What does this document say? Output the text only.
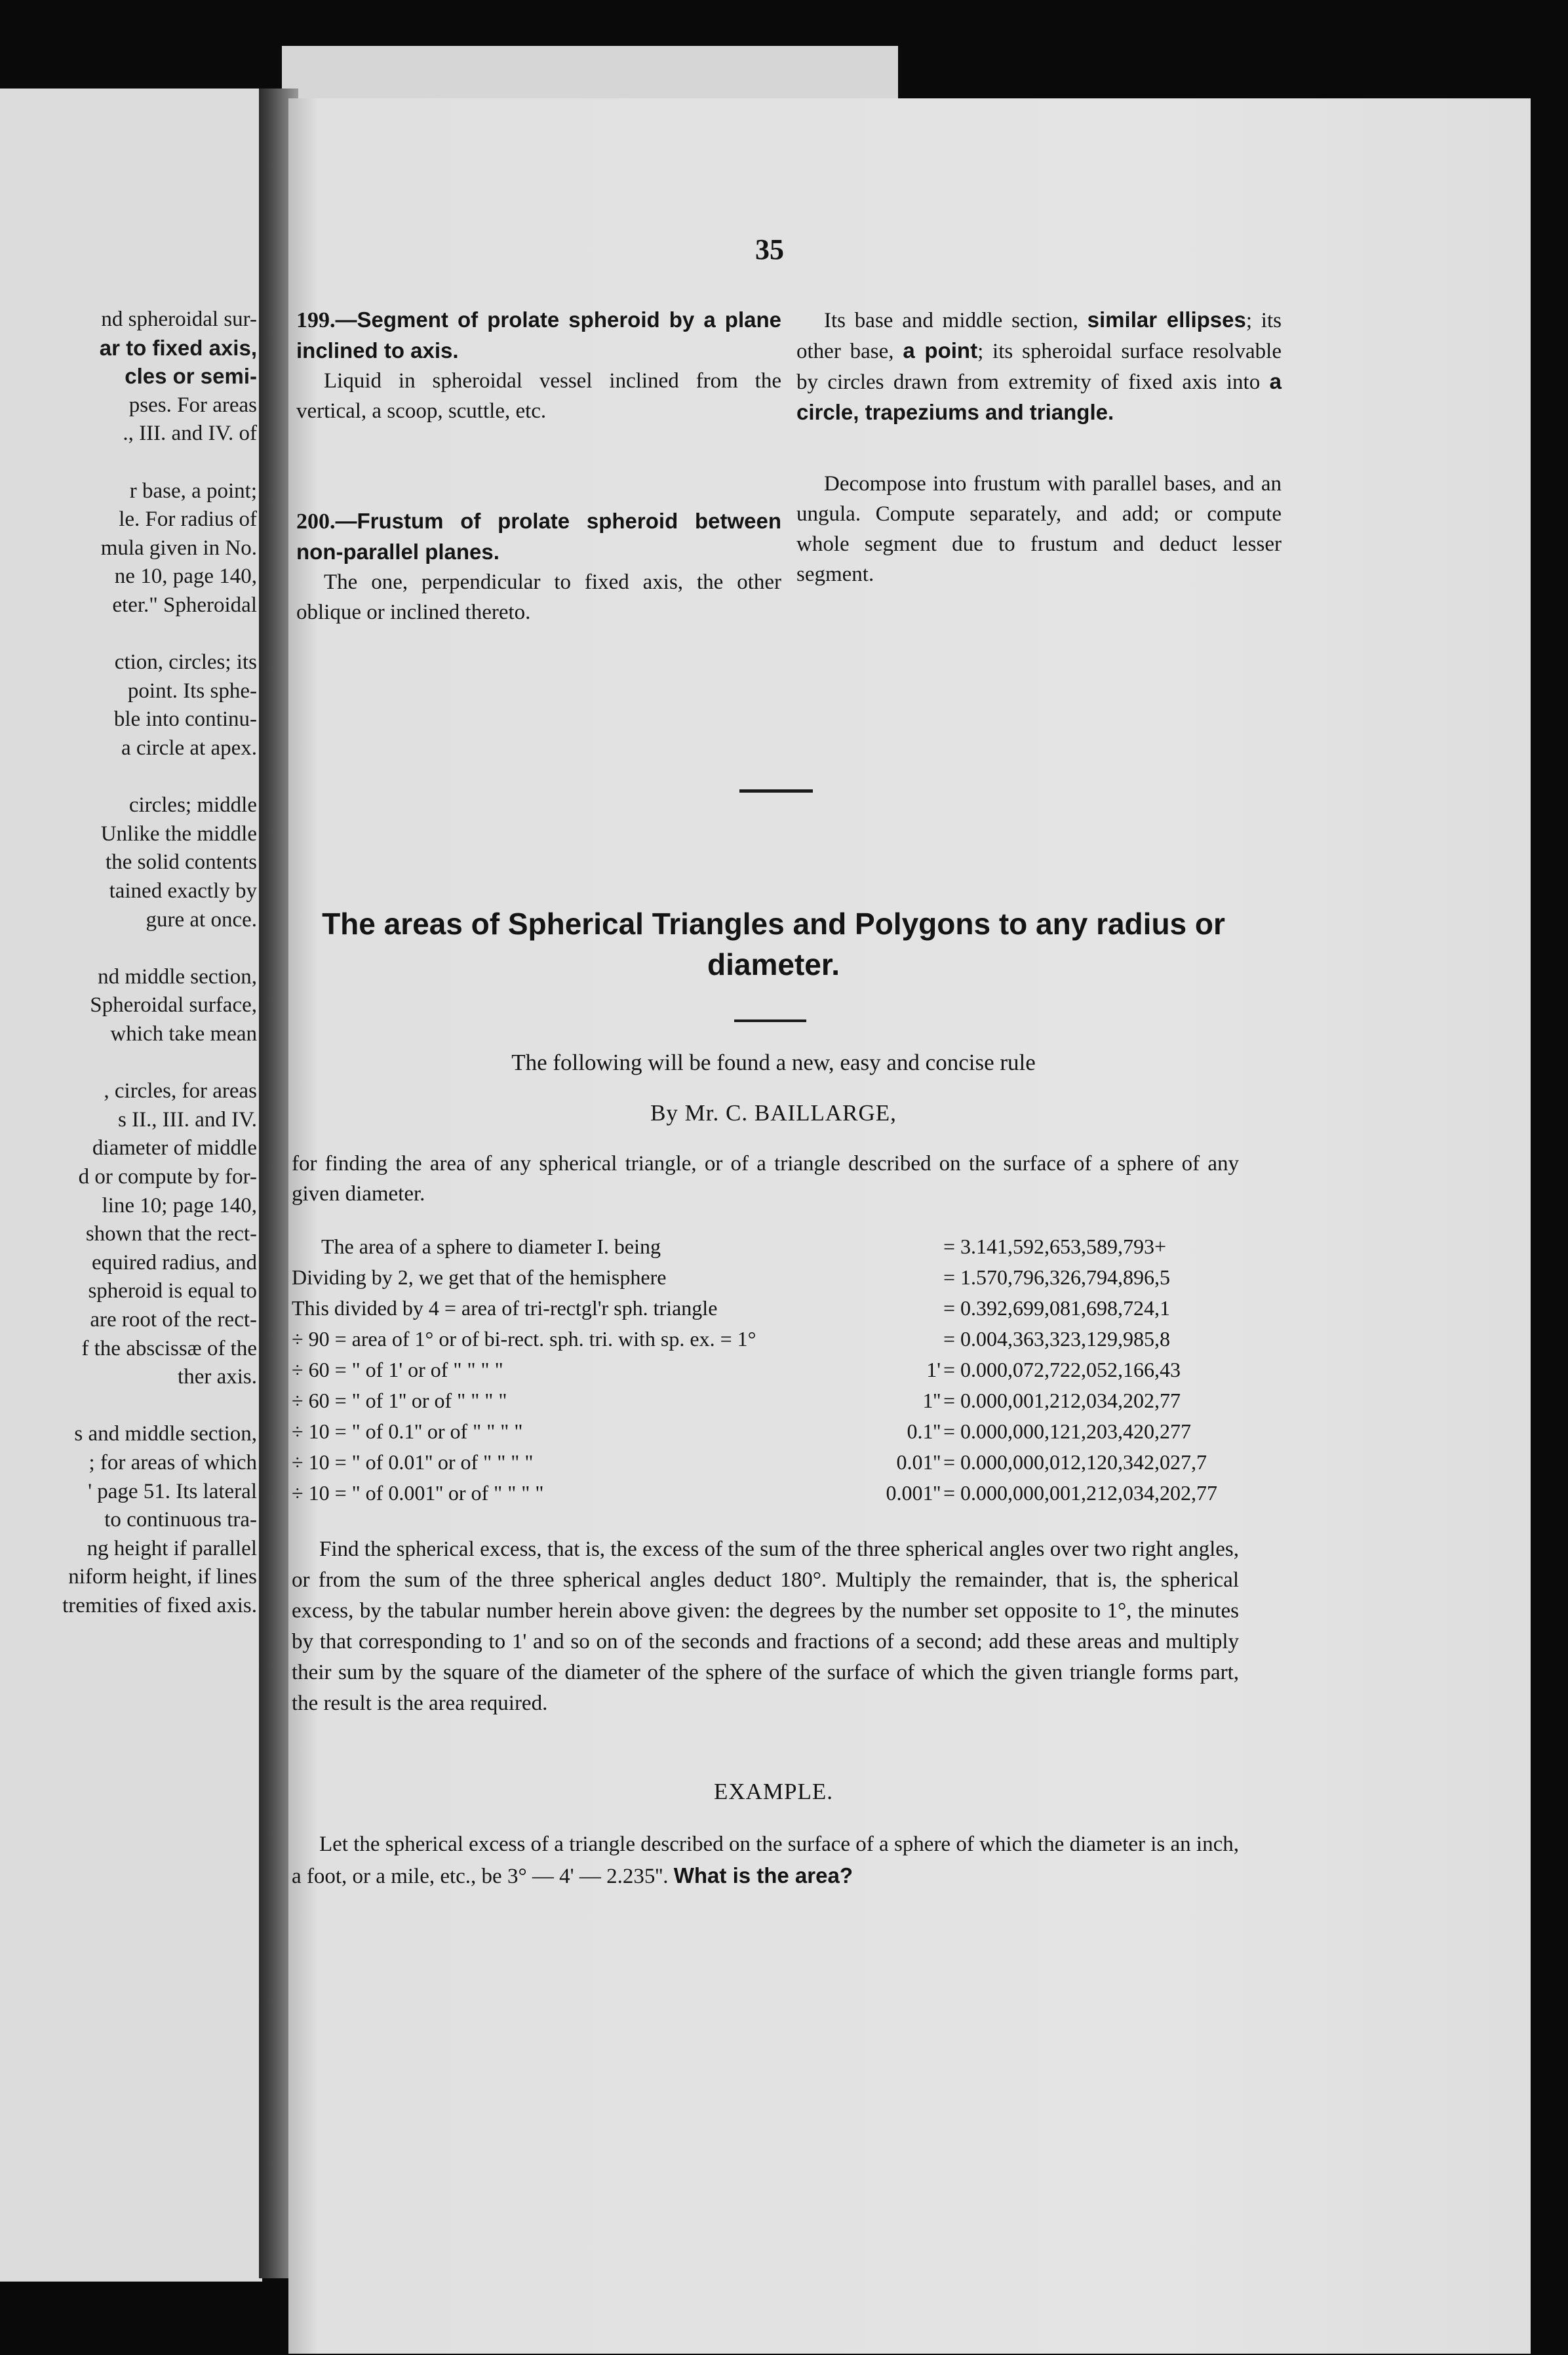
nd spheroidal sur-
ar to fixed axis,
cles or semi-
pses. For areas
., III. and IV. of
r base, a point;
le. For radius of
mula given in No.
ne 10, page 140,
eter." Spheroidal
ction, circles; its
point. Its sphe-
ble into continu-
a circle at apex.
circles; middle
Unlike the middle
the solid contents
tained exactly by
gure at once.
nd middle section,
Spheroidal surface,
which take mean
, circles, for areas
s II., III. and IV.
diameter of middle
d or compute by for-
line 10; page 140,
shown that the rect-
equired radius, and
spheroid is equal to
are root of the rect-
f the abscissæ of the
ther axis.
s and middle section,
; for areas of which
' page 51. Its lateral
to continuous tra-
ng height if parallel
niform height, if lines
tremities of fixed axis.
35
199.—Segment of prolate spheroid by a plane inclined to axis.

Liquid in spheroidal vessel inclined from the vertical, a scoop, scuttle, etc.

200.—Frustum of prolate spheroid between non-parallel planes.

The one, perpendicular to fixed axis, the other oblique or inclined thereto.

Its base and middle section, similar ellipses; its other base, a point; its spheroidal surface resolvable by circles drawn from extremity of fixed axis into a circle, trapeziums and triangle.

Decompose into frustum with parallel bases, and an ungula. Compute separately, and add; or compute whole segment due to frustum and deduct lesser segment.

The areas of Spherical Triangles and Polygons to any radius or diameter.
The following will be found a new, easy and concise rule
By Mr. C. BAILLARGE,
for finding the area of any spherical triangle, or of a triangle described on the surface of a sphere of any given diameter.
The area of a sphere to diameter I. being	= 3.141,592,653,589,793+
Dividing by 2, we get that of the hemisphere	= 1.570,796,326,794,896,5
This divided by 4 = area of tri-rectgl'r sph. triangle	= 0.392,699,081,698,724,1
÷ 90 = area of 1° or of bi-rect. sph. tri. with sp. ex. = 1°	= 0.004,363,323,129,985,8
÷ 60 = " of 1' or of " " " "	1' = 0.000,072,722,052,166,43
÷ 60 = " of 1'' or of " " " "	1'' = 0.000,001,212,034,202,77
÷ 10 = " of 0.1'' or of " " " "	0.1'' = 0.000,000,121,203,420,277
÷ 10 = " of 0.01'' or of " " " "	0.01'' = 0.000,000,012,120,342,027,7
÷ 10 = " of 0.001'' or of " " " "	0.001'' = 0.000,000,001,212,034,202,77
Find the spherical excess, that is, the excess of the sum of the three spherical angles over two right angles, or from the sum of the three spherical angles deduct 180°. Multiply the remainder, that is, the spherical excess, by the tabular number herein above given: the degrees by the number set opposite to 1°, the minutes by that corresponding to 1' and so on of the seconds and fractions of a second; add these areas and multiply their sum by the square of the diameter of the sphere of the surface of which the given triangle forms part, the result is the area required.
EXAMPLE.
Let the spherical excess of a triangle described on the surface of a sphere of which the diameter is an inch, a foot, or a mile, etc., be 3° — 4' — 2.235''. What is the area?
